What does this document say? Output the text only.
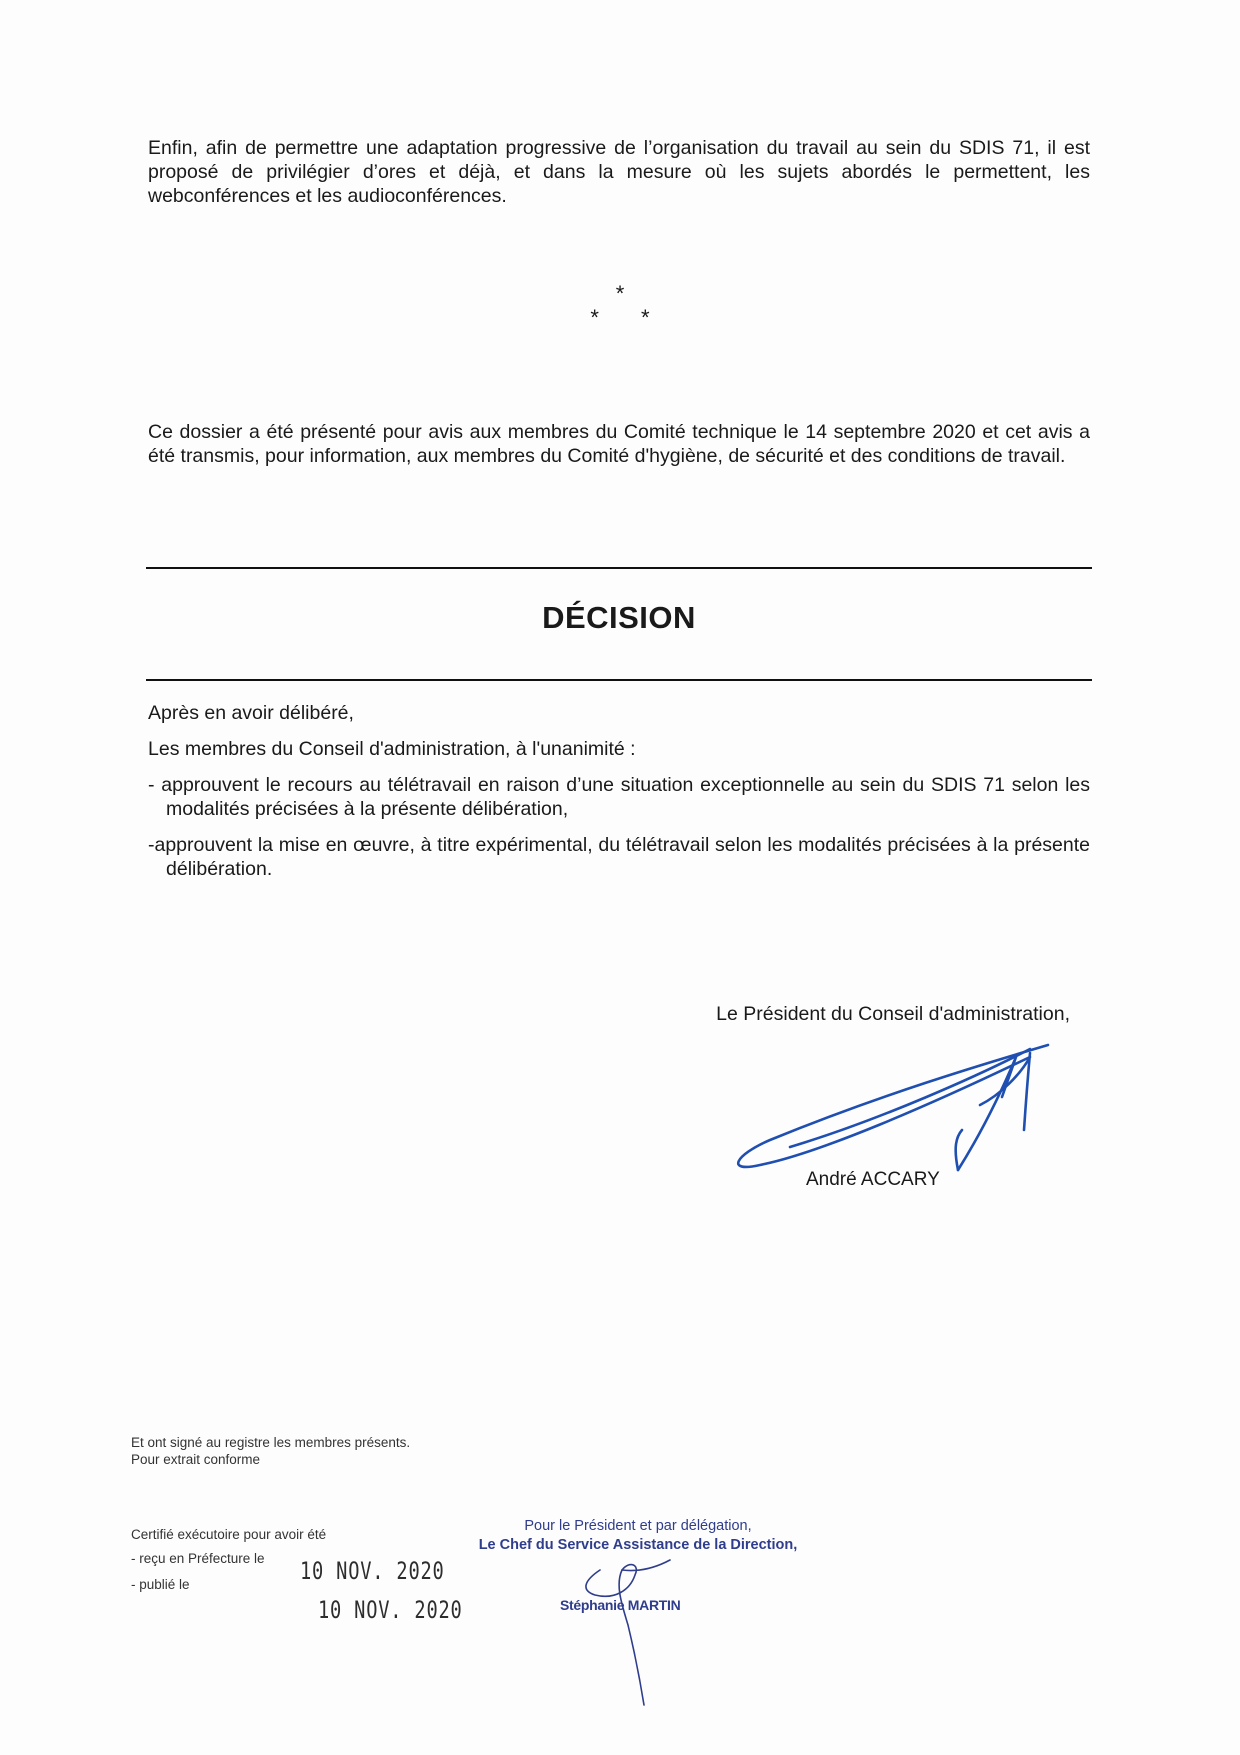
Enfin, afin de permettre une adaptation progressive de l’organisation du travail au sein du SDIS 71, il est proposé de privilégier d’ores et déjà, et dans la mesure où les sujets abordés le permettent, les webconférences et les audioconférences.

*
* *

Ce dossier a été présenté pour avis aux membres du Comité technique le 14 septembre 2020 et cet avis a été transmis, pour information, aux membres du Comité d'hygiène, de sécurité et des conditions de travail.

DÉCISION

Après en avoir délibéré,

Les membres du Conseil d'administration, à l'unanimité :

- approuvent le recours au télétravail en raison d’une situation exceptionnelle au sein du SDIS 71 selon les modalités précisées à la présente délibération,

-approuvent la mise en œuvre, à titre expérimental, du télétravail selon les modalités précisées à la présente délibération.

Le Président du Conseil d'administration,
André ACCARY
Et ont signé au registre les membres présents.
Pour extrait conforme
Certifié exécutoire pour avoir été
- reçu en Préfecture le
- publié le	10 NOV. 2020
10 NOV. 2020
Pour le Président et par délégation,
Le Chef du Service Assistance de la Direction,
Stéphanie MARTIN
